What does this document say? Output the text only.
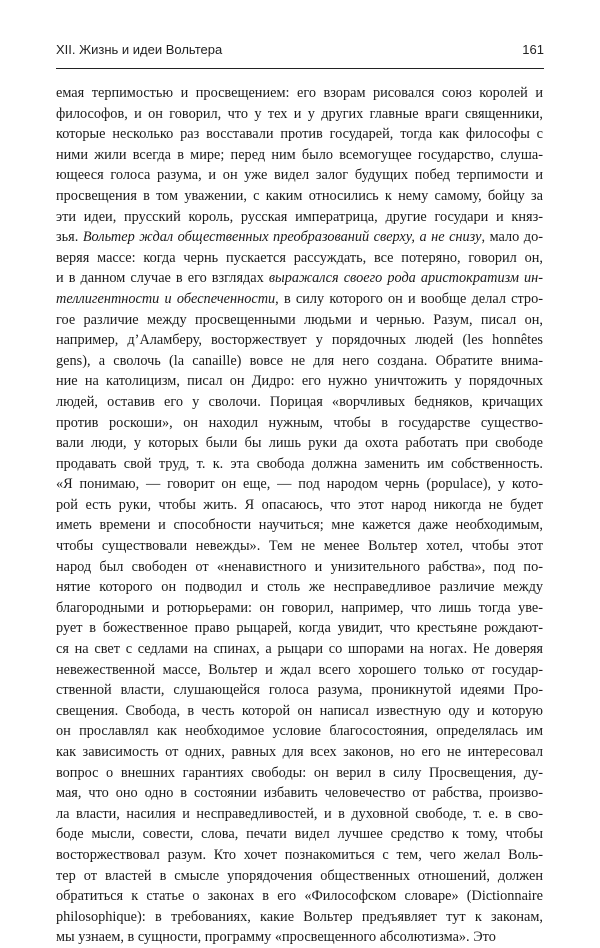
XII. Жизнь и идеи Вольтера	161
емая терпимостью и просвещением: его взорам рисовался союз королей и
философов, и он говорил, что у тех и у других главные враги священники,
которые несколько раз восставали против государей, тогда как философы с
ними жили всегда в мире; перед ним было всемогущее государство, слуша-
ющееся голоса разума, и он уже видел залог будущих побед терпимости и
просвещения в том уважении, с каким относились к нему самому, бойцу за
эти идеи, прусский король, русская императрица, другие государи и княз-
зья. Вольтер ждал общественных преобразований сверху, а не снизу, мало до-
веряя массе: когда чернь пускается рассуждать, все потеряно, говорил он,
и в данном случае в его взглядах выражался своего рода аристократизм ин-
теллигентности и обеспеченности, в силу которого он и вообще делал стро-
гое различие между просвещенными людьми и чернью. Разум, писал он,
например, д’Аламберу, восторжествует у порядочных людей (les honnêtes
gens), а сволочь (la canaille) вовсе не для него создана. Обратите внима-
ние на католицизм, писал он Дидро: его нужно уничтожить у порядочных
людей, оставив его у сволочи. Порицая «ворчливых бедняков, кричащих
против роскоши», он находил нужным, чтобы в государстве существо-
вали люди, у которых были бы лишь руки да охота работать при свободе
продавать свой труд, т. к. эта свобода должна заменить им собственность.
«Я понимаю, — говорит он еще, — под народом чернь (populace), у кото-
рой есть руки, чтобы жить. Я опасаюсь, что этот народ никогда не будет
иметь времени и способности научиться; мне кажется даже необходимым,
чтобы существовали невежды». Тем не менее Вольтер хотел, чтобы этот
народ был свободен от «ненавистного и унизительного рабства», под по-
нятие которого он подводил и столь же несправедливое различие между
благородными и ротюрьерами: он говорил, например, что лишь тогда уве-
рует в божественное право рыцарей, когда увидит, что крестьяне рождают-
ся на свет с седлами на спинах, а рыцари со шпорами на ногах. Не доверяя
невежественной массе, Вольтер и ждал всего хорошего только от государ-
ственной власти, слушающейся голоса разума, проникнутой идеями Про-
свещения. Свобода, в честь которой он написал известную оду и которую
он прославлял как необходимое условие благосостояния, определялась им
как зависимость от одних, равных для всех законов, но его не интересовал
вопрос о внешних гарантиях свободы: он верил в силу Просвещения, ду-
мая, что оно одно в состоянии избавить человечество от рабства, произво-
ла власти, насилия и несправедливостей, и в духовной свободе, т. е. в сво-
боде мысли, совести, слова, печати видел лучшее средство к тому, чтобы
восторжествовал разум. Кто хочет познакомиться с тем, чего желал Воль-
тер от властей в смысле упорядочения общественных отношений, должен
обратиться к статье о законах в его «Философском словаре» (Dictionnaire
philosophique): в требованиях, какие Вольтер предъявляет тут к законам,
мы узнаем, в сущности, программу «просвещенного абсолютизма». Это
